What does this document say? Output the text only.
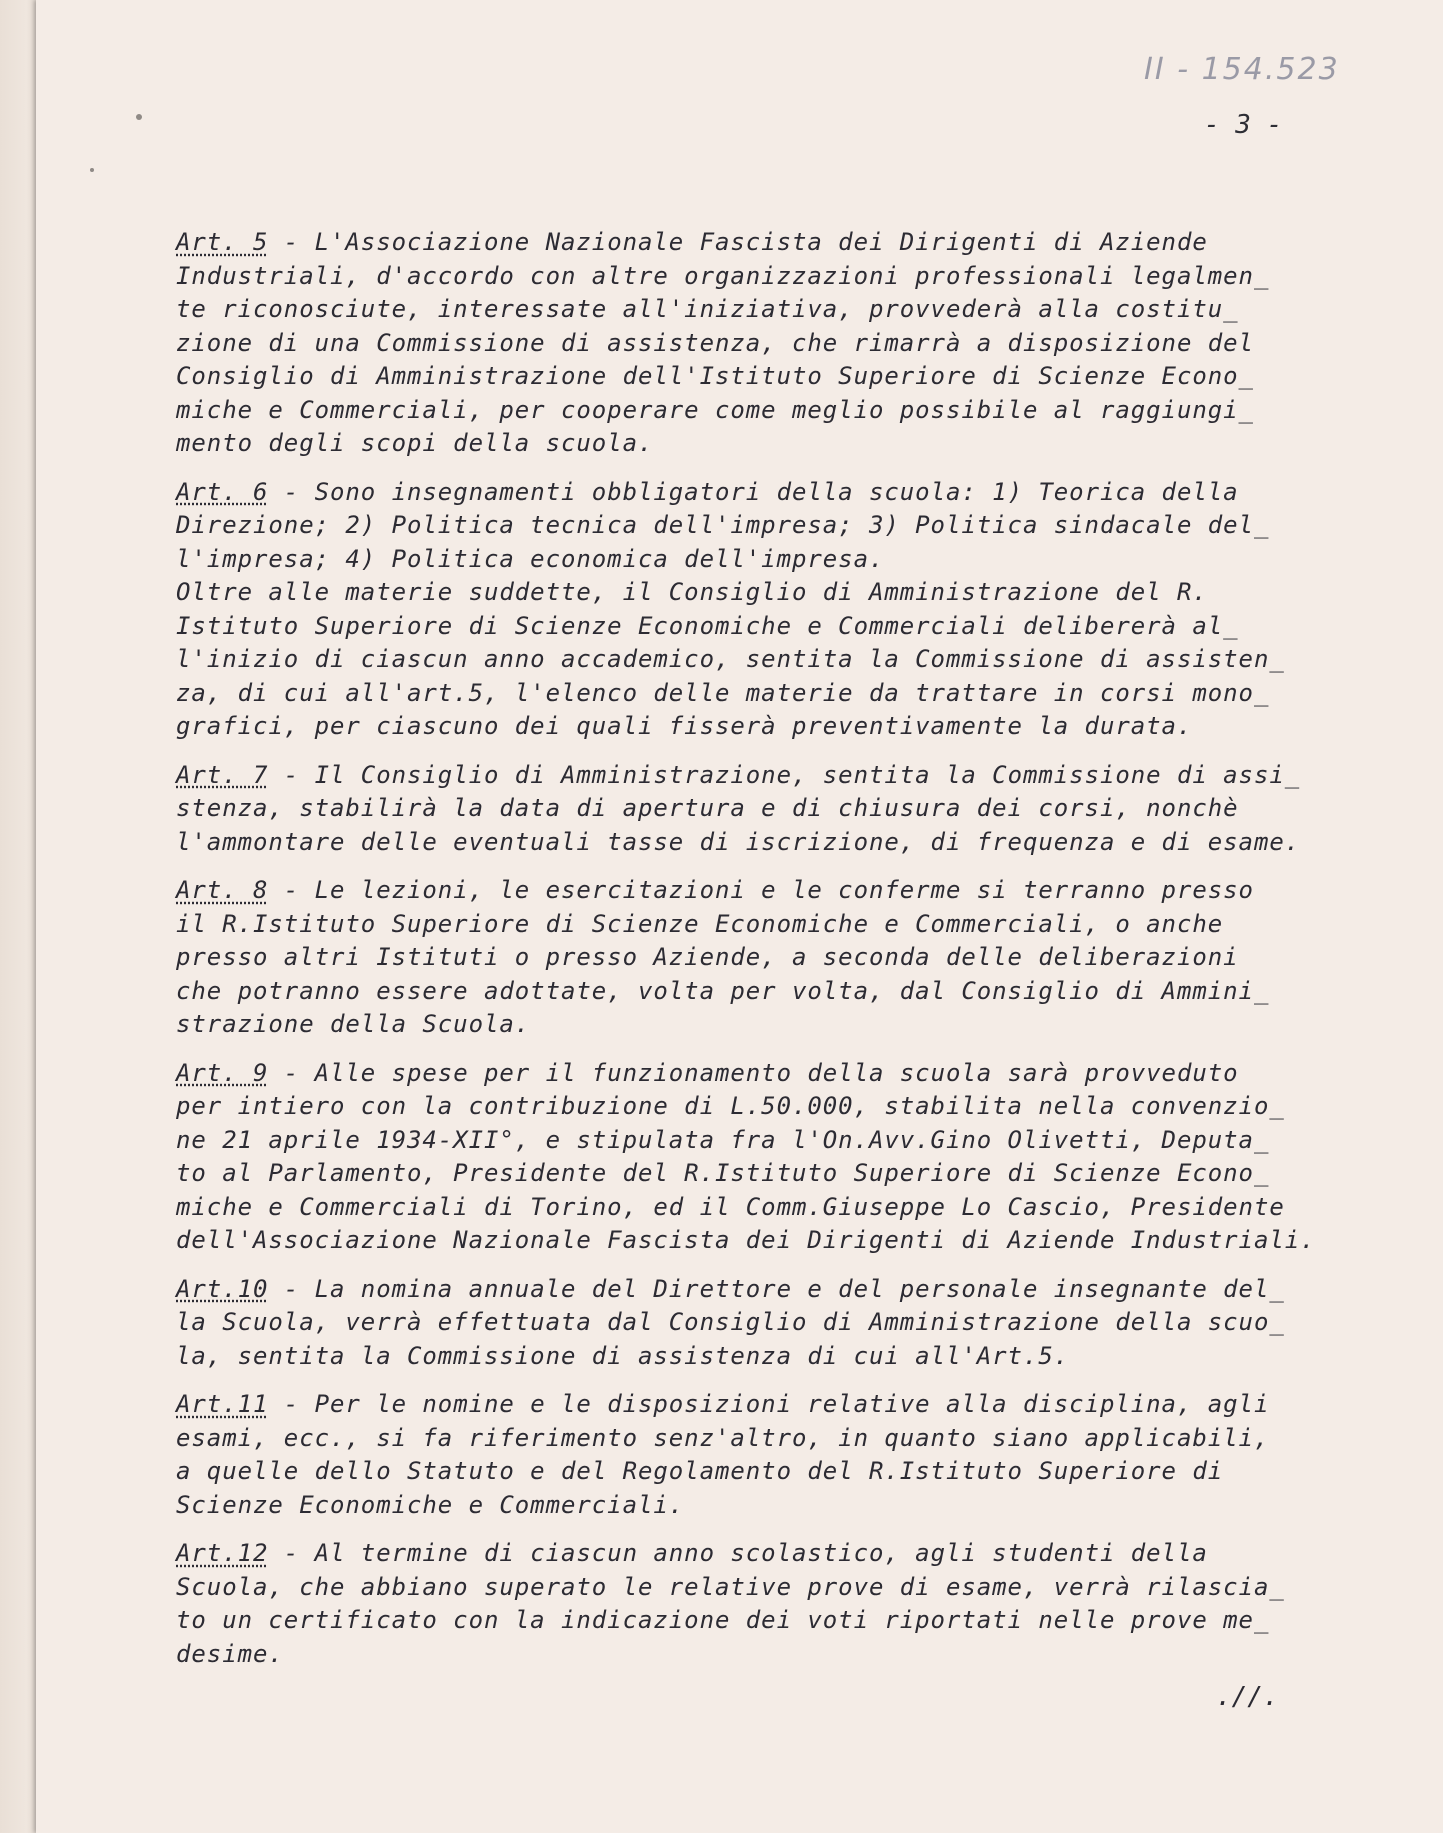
II - 154.523
- 3 -
Art. 5 - L'Associazione Nazionale Fascista dei Dirigenti di Aziende
Industriali, d'accordo con altre organizzazioni professionali legalmen_
te riconosciute, interessate all'iniziativa, provvederà alla costitu_
zione di una Commissione di assistenza, che rimarrà a disposizione del
Consiglio di Amministrazione dell'Istituto Superiore di Scienze Econo_
miche e Commerciali, per cooperare come meglio possibile al raggiungi_
mento degli scopi della scuola.
Art. 6 - Sono insegnamenti obbligatori della scuola: 1) Teorica della
Direzione; 2) Politica tecnica dell'impresa; 3) Politica sindacale del_
l'impresa; 4) Politica economica dell'impresa.
Oltre alle materie suddette, il Consiglio di Amministrazione del R.
Istituto Superiore di Scienze Economiche e Commerciali delibererà al_
l'inizio di ciascun anno accademico, sentita la Commissione di assisten_
za, di cui all'art.5, l'elenco delle materie da trattare in corsi mono_
grafici, per ciascuno dei quali fisserà preventivamente la durata.
Art. 7 - Il Consiglio di Amministrazione, sentita la Commissione di assi_
stenza, stabilirà la data di apertura e di chiusura dei corsi, nonchè
l'ammontare delle eventuali tasse di iscrizione, di frequenza e di esame.
Art. 8 - Le lezioni, le esercitazioni e le conferme si terranno presso
il R.Istituto Superiore di Scienze Economiche e Commerciali, o anche
presso altri Istituti o presso Aziende, a seconda delle deliberazioni
che potranno essere adottate, volta per volta, dal Consiglio di Ammini_
strazione della Scuola.
Art. 9 - Alle spese per il funzionamento della scuola sarà provveduto
per intiero con la contribuzione di L.50.000, stabilita nella convenzio_
ne 21 aprile 1934-XII°, e stipulata fra l'On.Avv.Gino Olivetti, Deputa_
to al Parlamento, Presidente del R.Istituto Superiore di Scienze Econo_
miche e Commerciali di Torino, ed il Comm.Giuseppe Lo Cascio, Presidente
dell'Associazione Nazionale Fascista dei Dirigenti di Aziende Industriali.
Art.10 - La nomina annuale del Direttore e del personale insegnante del_
la Scuola, verrà effettuata dal Consiglio di Amministrazione della scuo_
la, sentita la Commissione di assistenza di cui all'Art.5.
Art.11 - Per le nomine e le disposizioni relative alla disciplina, agli
esami, ecc., si fa riferimento senz'altro, in quanto siano applicabili,
a quelle dello Statuto e del Regolamento del R.Istituto Superiore di
Scienze Economiche e Commerciali.
Art.12 - Al termine di ciascun anno scolastico, agli studenti della
Scuola, che abbiano superato le relative prove di esame, verrà rilascia_
to un certificato con la indicazione dei voti riportati nelle prove me_
desime.
.//.
